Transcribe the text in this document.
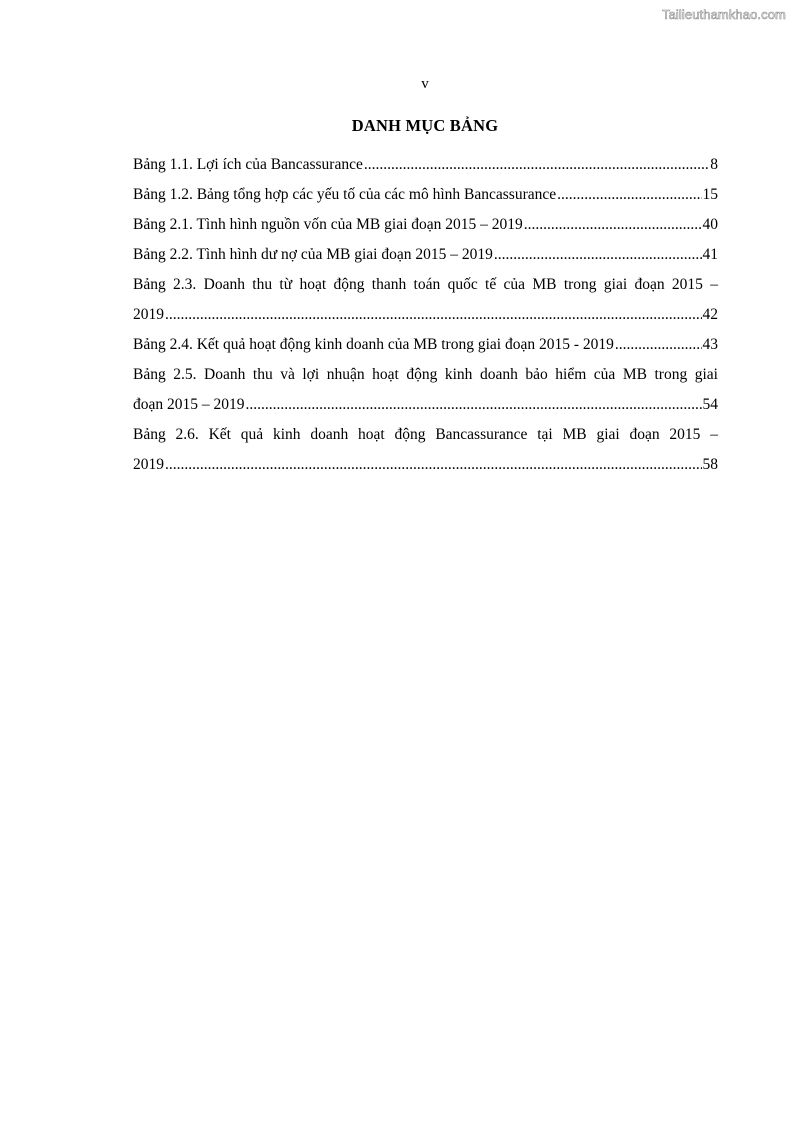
Tailieuthamkhao.com
v
DANH MỤC BẢNG
Bảng 1.1. Lợi ích của Bancassurance .....	8
Bảng 1.2. Bảng tổng hợp các yếu tố của các mô hình Bancassurance .....	15
Bảng 2.1. Tình hình nguồn vốn của MB giai đoạn 2015 – 2019 .....	40
Bảng 2.2. Tình hình dư nợ của MB giai đoạn 2015 – 2019 .....	41
Bảng 2.3. Doanh thu từ hoạt động thanh toán quốc tế của MB trong giai đoạn 2015 –
2019 .....	42
Bảng 2.4. Kết quả hoạt động kinh doanh của MB trong giai đoạn 2015 - 2019 .....	43
Bảng 2.5. Doanh thu và lợi nhuận hoạt động kinh doanh bảo hiểm của MB trong giai
đoạn 2015 – 2019 .....	54
Bảng 2.6. Kết quả kinh doanh hoạt động Bancassurance tại MB giai đoạn 2015 –
2019 .....	58
